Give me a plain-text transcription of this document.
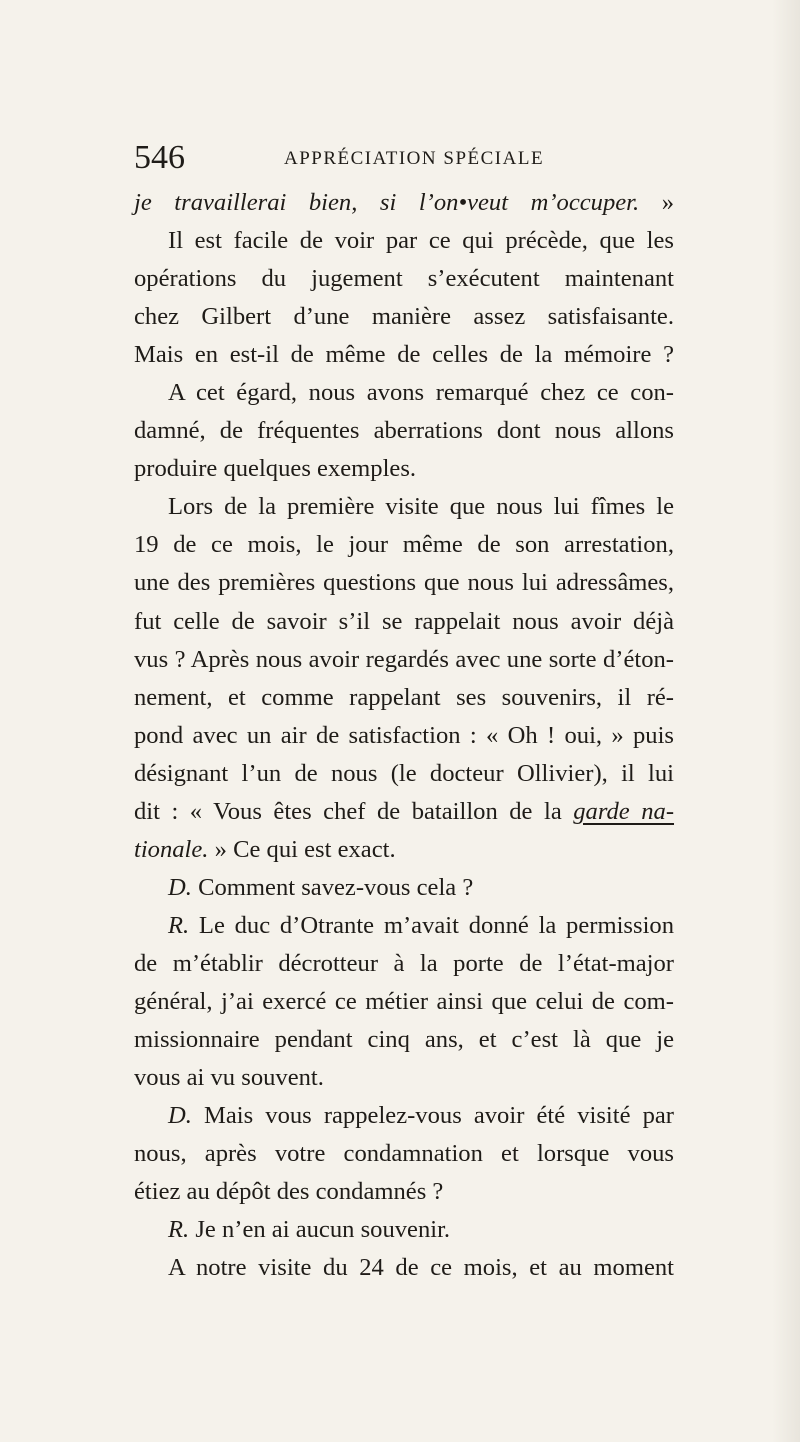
546	APPRÉCIATION SPÉCIALE
je travaillerai bien, si l’on•veut m’occuper. »
Il est facile de voir par ce qui précède, que les
opérations du jugement s’exécutent maintenant
chez Gilbert d’une manière assez satisfaisante.
Mais en est-il de même de celles de la mémoire ?
A cet égard, nous avons remarqué chez ce con-
damné, de fréquentes aberrations dont nous allons
produire quelques exemples.
Lors de la première visite que nous lui fîmes le
19 de ce mois, le jour même de son arrestation,
une des premières questions que nous lui adressâmes,
fut celle de savoir s’il se rappelait nous avoir déjà
vus ? Après nous avoir regardés avec une sorte d’éton-
nement, et comme rappelant ses souvenirs, il ré-
pond avec un air de satisfaction : « Oh ! oui, » puis
désignant l’un de nous (le docteur Ollivier), il lui
dit : « Vous êtes chef de bataillon de la garde na-
tionale. » Ce qui est exact.
D. Comment savez-vous cela ?
R. Le duc d’Otrante m’avait donné la permission
de m’établir décrotteur à la porte de l’état-major
général, j’ai exercé ce métier ainsi que celui de com-
missionnaire pendant cinq ans, et c’est là que je
vous ai vu souvent.
D. Mais vous rappelez-vous avoir été visité par
nous, après votre condamnation et lorsque vous
étiez au dépôt des condamnés ?
R. Je n’en ai aucun souvenir.
A notre visite du 24 de ce mois, et au moment
